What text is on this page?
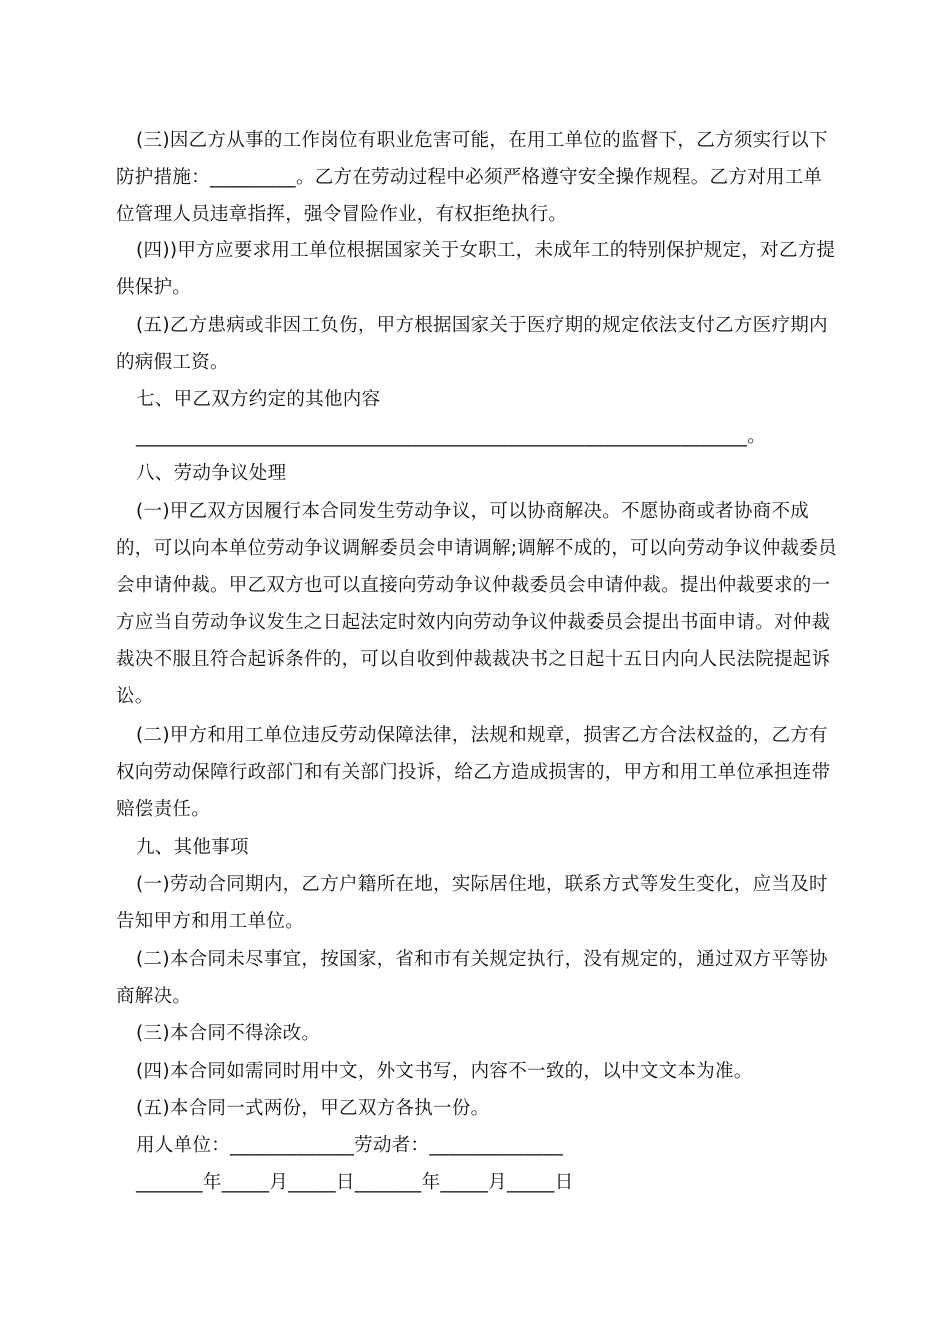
(三)因乙方从事的工作岗位有职业危害可能，在用工单位的监督下，乙方须实行以下防护措施：_________。乙方在劳动过程中必须严格遵守安全操作规程。乙方对用工单位管理人员违章指挥，强令冒险作业，有权拒绝执行。

(四))甲方应要求用工单位根据国家关于女职工，未成年工的特别保护规定，对乙方提供保护。

(五)乙方患病或非因工负伤，甲方根据国家关于医疗期的规定依法支付乙方医疗期内的病假工资。

七、甲乙双方约定的其他内容

________________________________________________________________。

八、劳动争议处理

(一)甲乙双方因履行本合同发生劳动争议，可以协商解决。不愿协商或者协商不成的，可以向本单位劳动争议调解委员会申请调解;调解不成的，可以向劳动争议仲裁委员会申请仲裁。甲乙双方也可以直接向劳动争议仲裁委员会申请仲裁。提出仲裁要求的一方应当自劳动争议发生之日起法定时效内向劳动争议仲裁委员会提出书面申请。对仲裁裁决不服且符合起诉条件的，可以自收到仲裁裁决书之日起十五日内向人民法院提起诉讼。

(二)甲方和用工单位违反劳动保障法律，法规和规章，损害乙方合法权益的，乙方有权向劳动保障行政部门和有关部门投诉，给乙方造成损害的，甲方和用工单位承担连带赔偿责任。

九、其他事项

(一)劳动合同期内，乙方户籍所在地，实际居住地，联系方式等发生变化，应当及时告知甲方和用工单位。

(二)本合同未尽事宜，按国家，省和市有关规定执行，没有规定的，通过双方平等协商解决。

(三)本合同不得涂改。

(四)本合同如需同时用中文，外文书写，内容不一致的，以中文文本为准。

(五)本合同一式两份，甲乙双方各执一份。

用人单位：_____________劳动者：______________

_______年_____月_____日_______年_____月_____日
